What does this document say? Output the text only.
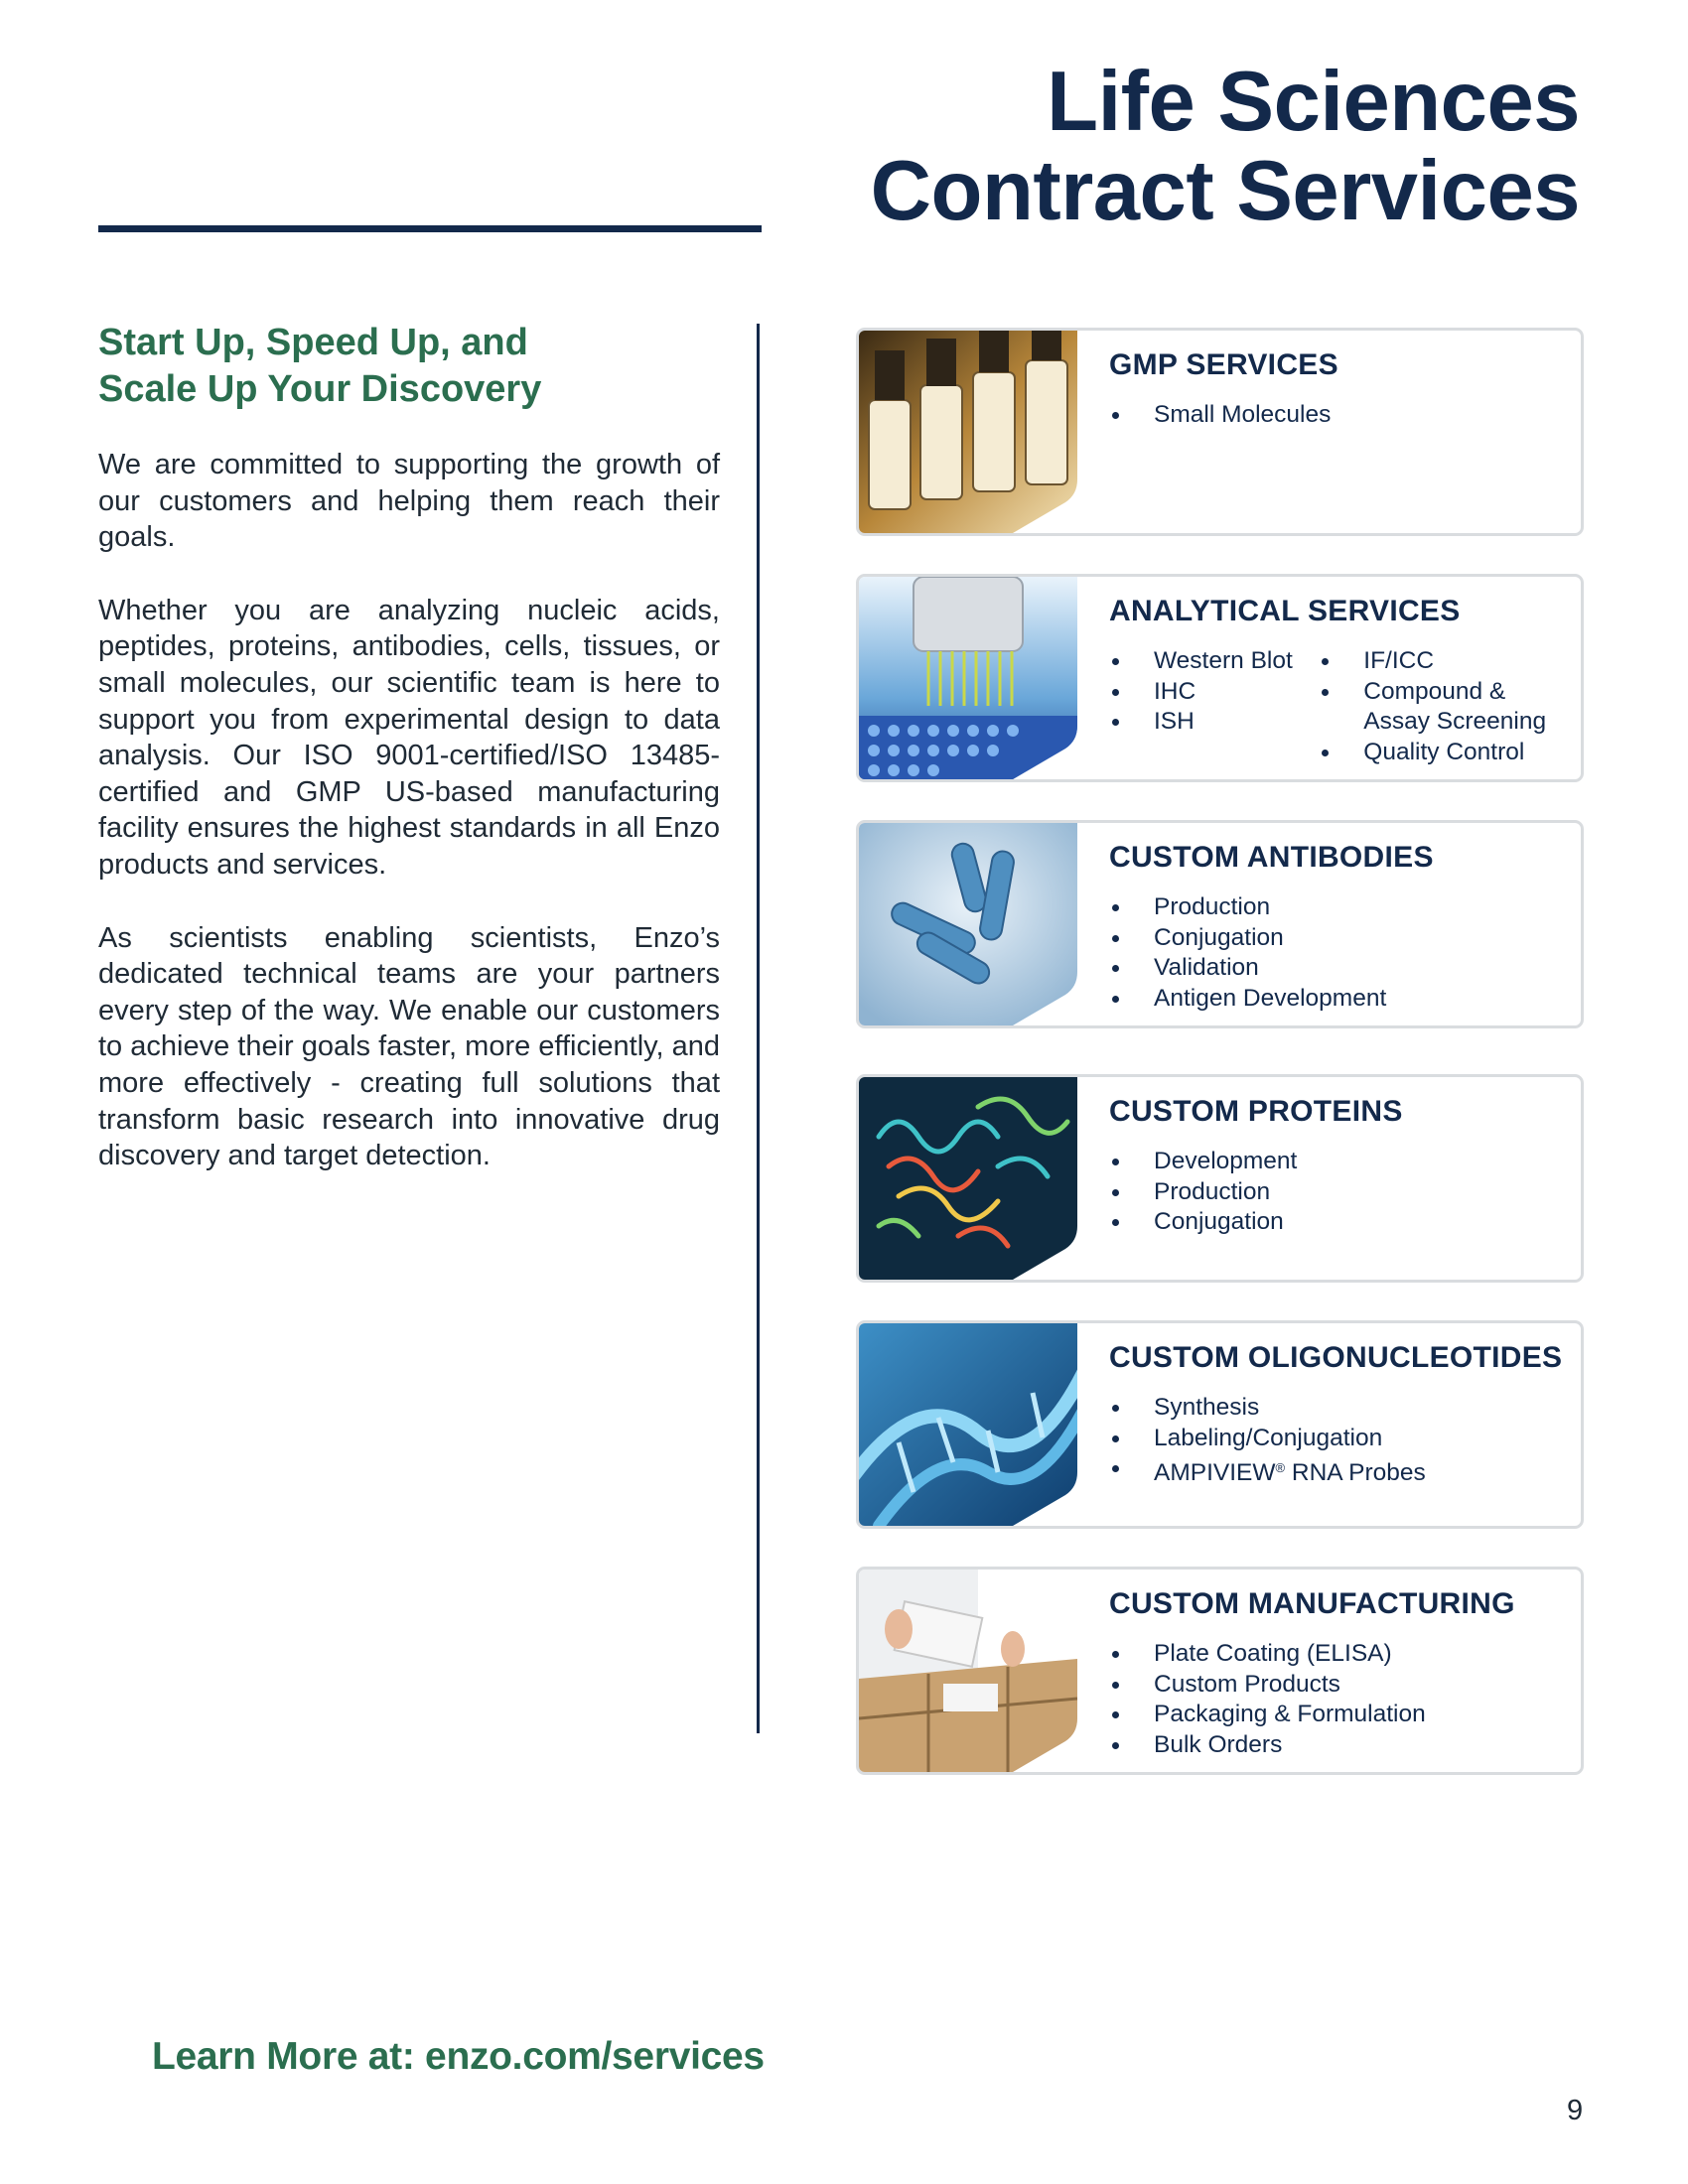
Life Sciences
Contract Services
Start Up, Speed Up, and
Scale Up Your Discovery

We are committed to supporting the growth of our customers and helping them reach their goals.

Whether you are analyzing nucleic acids, peptides, proteins, antibodies, cells, tissues, or small molecules, our scientific team is here to support you from experimental design to data analysis. Our ISO 9001-certified/ISO 13485-certified and GMP US-based manufacturing facility ensures the highest standards in all Enzo products and services.

As scientists enabling scientists, Enzo’s dedicated technical teams are your partners every step of the way. We enable our customers to achieve their goals faster, more efficiently, and more effectively - creating full solutions that transform basic research into innovative drug discovery and target detection.

Learn More at: enzo.com/services

9
GMP SERVICES
Small Molecules
ANALYTICAL SERVICES
Western Blot
IHC
ISH

IF/ICC
Compound &
Assay Screening
Quality Control
CUSTOM ANTIBODIES
Production
Conjugation
Validation
Antigen Development
CUSTOM PROTEINS
Development
Production
Conjugation
CUSTOM OLIGONUCLEOTIDES
Synthesis
Labeling/Conjugation
AMPIVIEW® RNA Probes
CUSTOM MANUFACTURING
Plate Coating (ELISA)
Custom Products
Packaging & Formulation
Bulk Orders
